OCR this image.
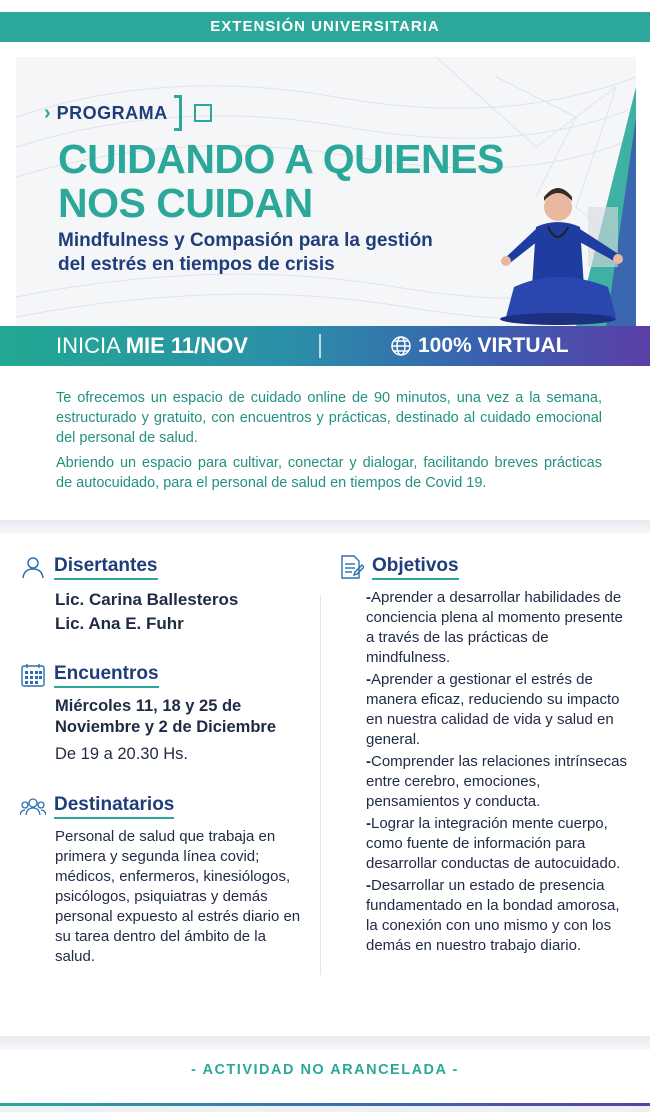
EXTENSIÓN UNIVERSITARIA
› PROGRAMA
CUIDANDO A QUIENES
NOS CUIDAN
Mindfulness y Compasión para la gestión
del estrés en tiempos de crisis
INICIA MIE 11/NOV	100% VIRTUAL

Te ofrecemos un espacio de cuidado online de 90 minutos, una vez a la semana, estructurado y gratuito, con encuentros y prácticas, destinado al cuidado emocional del personal de salud.

Abriendo un espacio para cultivar, conectar y dialogar, facilitando breves prácticas de autocuidado, para el personal de salud en tiempos de Covid 19.

Disertantes
Lic. Carina Ballesteros
Lic. Ana E. Fuhr
Encuentros
Miércoles 11, 18 y 25 de Noviembre y 2 de Diciembre
De 19 a 20.30 Hs.
Destinatarios
Personal de salud que trabaja en primera y segunda línea covid; médicos, enfermeros, kinesiólogos, psicólogos, psiquiatras y demás personal expuesto al estrés diario en su tarea dentro del ámbito de la salud.
Objetivos
-Aprender a desarrollar habilidades de conciencia plena al momento presente a través de las prácticas de mindfulness.
-Aprender a gestionar el estrés de manera eficaz, reduciendo su impacto en nuestra calidad de vida y salud en general.
-Comprender las relaciones intrínsecas entre cerebro, emociones, pensamientos y conducta.
-Lograr la integración mente cuerpo, como fuente de información para desarrollar conductas de autocuidado.
-Desarrollar un estado de presencia fundamentado en la bondad amorosa, la conexión con uno mismo y con los demás en nuestro trabajo diario.
- ACTIVIDAD NO ARANCELADA -
